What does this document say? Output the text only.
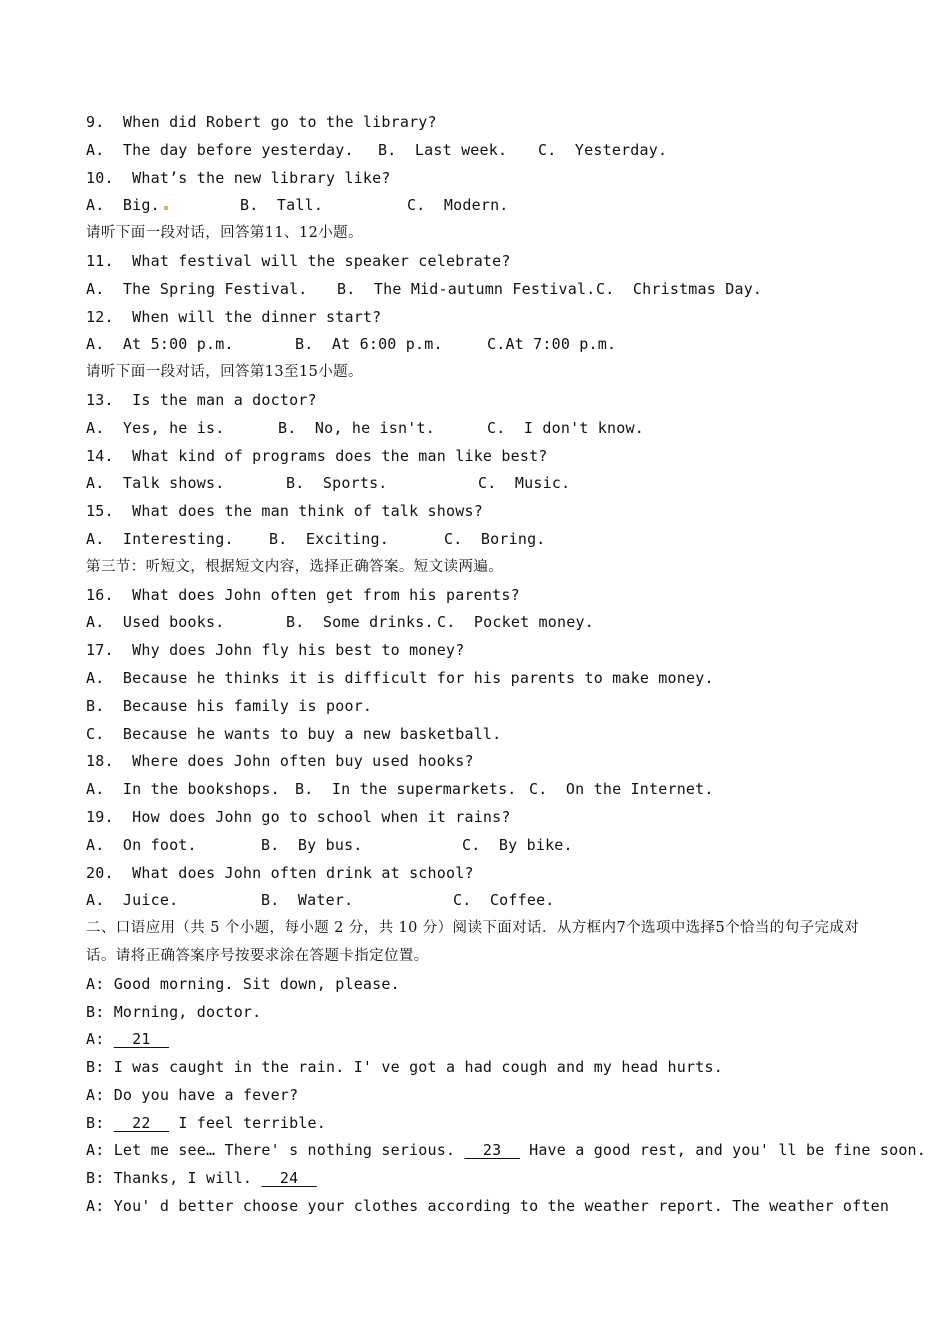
9.  When did Robert go to the library?
A.  The day before yesterday. B.  Last week. C.  Yesterday.
10.  What’s the new library like?
A.  Big.	B.  Tall.	C.  Modern.
请听下面一段对话，回答第11、12小题。
11.  What festival will the speaker celebrate?
A.  The Spring Festival. B.  The Mid-autumn Festival. C.  Christmas Day.
12.  When will the dinner start?
A.  At 5:00 p.m.	B.  At 6:00 p.m.	C.At 7:00 p.m.
请听下面一段对话，回答第13至15小题。
13.  Is the man a doctor?
A.  Yes, he is.	B.  No, he isn't.	C.  I don't know.
14.  What kind of programs does the man like best?
A.  Talk shows.	B.  Sports.	C.  Music.
15.  What does the man think of talk shows?
A.  Interesting. B.  Exciting.	C.  Boring.
第三节：听短文，根据短文内容，选择正确答案。短文读两遍。
16.  What does John often get from his parents?
A.  Used books.	B.  Some drinks. C.  Pocket money.
17.  Why does John fly his best to money?
A.  Because he thinks it is difficult for his parents to make money.
B.  Because his family is poor.
C.  Because he wants to buy a new basketball.
18.  Where does John often buy used hooks?
A.  In the bookshops. B.  In the supermarkets. C.  On the Internet.
19.  How does John go to school when it rains?
A.  On foot.	B.  By bus.	C.  By bike.
20.  What does John often drink at school?
A.  Juice.	B.  Water.	C.  Coffee.
二、口语应用（共 5 个小题，每小题 2 分，共 10 分）阅读下面对话．从方框内7个选项中选择5个恰当的句子完成对话。请将正确答案序号按要求涂在答题卡指定位置。
A: Good morning. Sit down, please.
B: Morning, doctor.
A:   21
B: I was caught in the rain. I' ve got a had cough and my head hurts.
A: Do you have a fever?
B:   22   I feel terrible.
A: Let me see… There' s nothing serious.   23   Have a good rest, and you' ll be fine soon.
B: Thanks, I will.   24
A: You' d better choose your clothes according to the weather report. The weather often
